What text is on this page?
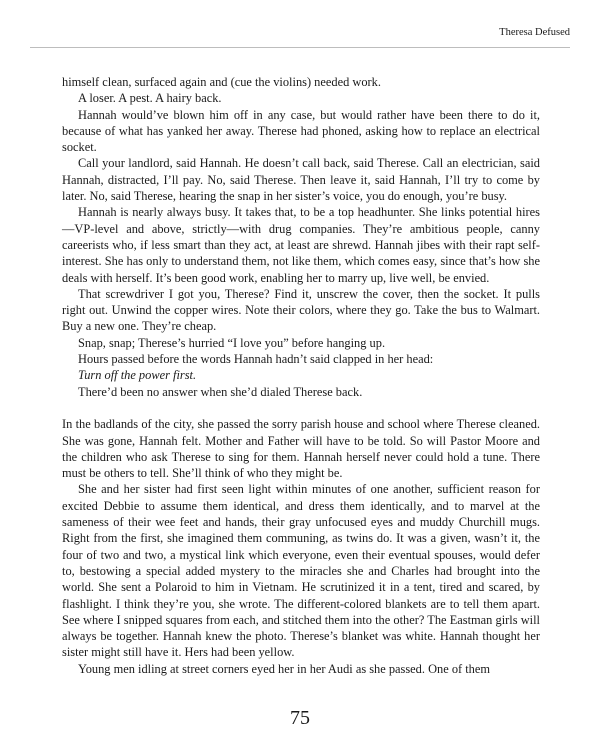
Theresa Defused

himself clean, surfaced again and (cue the violins) needed work.

A loser. A pest. A hairy back.

Hannah would’ve blown him off in any case, but would rather have been there to do it, because of what has yanked her away. Therese had phoned, asking how to replace an electrical socket.

Call your landlord, said Hannah. He doesn’t call back, said Therese. Call an electrician, said Hannah, distracted, I’ll pay. No, said Therese. Then leave it, said Hannah, I’ll try to come by later. No, said Therese, hearing the snap in her sister’s voice, you do enough, you’re busy.

Hannah is nearly always busy. It takes that, to be a top headhunter. She links potential hires—VP-level and above, strictly—with drug companies. They’re ambitious people, canny careerists who, if less smart than they act, at least are shrewd. Hannah jibes with their rapt self-interest. She has only to understand them, not like them, which comes easy, since that’s how she deals with herself. It’s been good work, enabling her to marry up, live well, be envied.

That screwdriver I got you, Therese? Find it, unscrew the cover, then the socket. It pulls right out. Unwind the copper wires. Note their colors, where they go. Take the bus to Walmart. Buy a new one. They’re cheap.

Snap, snap; Therese’s hurried “I love you” before hanging up.

Hours passed before the words Hannah hadn’t said clapped in her head:

Turn off the power first.

There’d been no answer when she’d dialed Therese back.

In the badlands of the city, she passed the sorry parish house and school where Therese cleaned. She was gone, Hannah felt. Mother and Father will have to be told. So will Pastor Moore and the children who ask Therese to sing for them. Hannah herself never could hold a tune. There must be others to tell. She’ll think of who they might be.

She and her sister had first seen light within minutes of one another, sufficient reason for excited Debbie to assume them identical, and dress them identically, and to marvel at the sameness of their wee feet and hands, their gray unfocused eyes and muddy Churchill mugs. Right from the first, she imagined them communing, as twins do. It was a given, wasn’t it, the four of two and two, a mystical link which everyone, even their eventual spouses, would defer to, bestowing a special added mystery to the miracles she and Charles had brought into the world. She sent a Polaroid to him in Vietnam. He scrutinized it in a tent, tired and scared, by flashlight. I think they’re you, she wrote. The different-colored blankets are to tell them apart. See where I snipped squares from each, and stitched them into the other? The Eastman girls will always be together. Hannah knew the photo. Therese’s blanket was white. Hannah thought her sister might still have it. Hers had been yellow.

Young men idling at street corners eyed her in her Audi as she passed. One of them

75
